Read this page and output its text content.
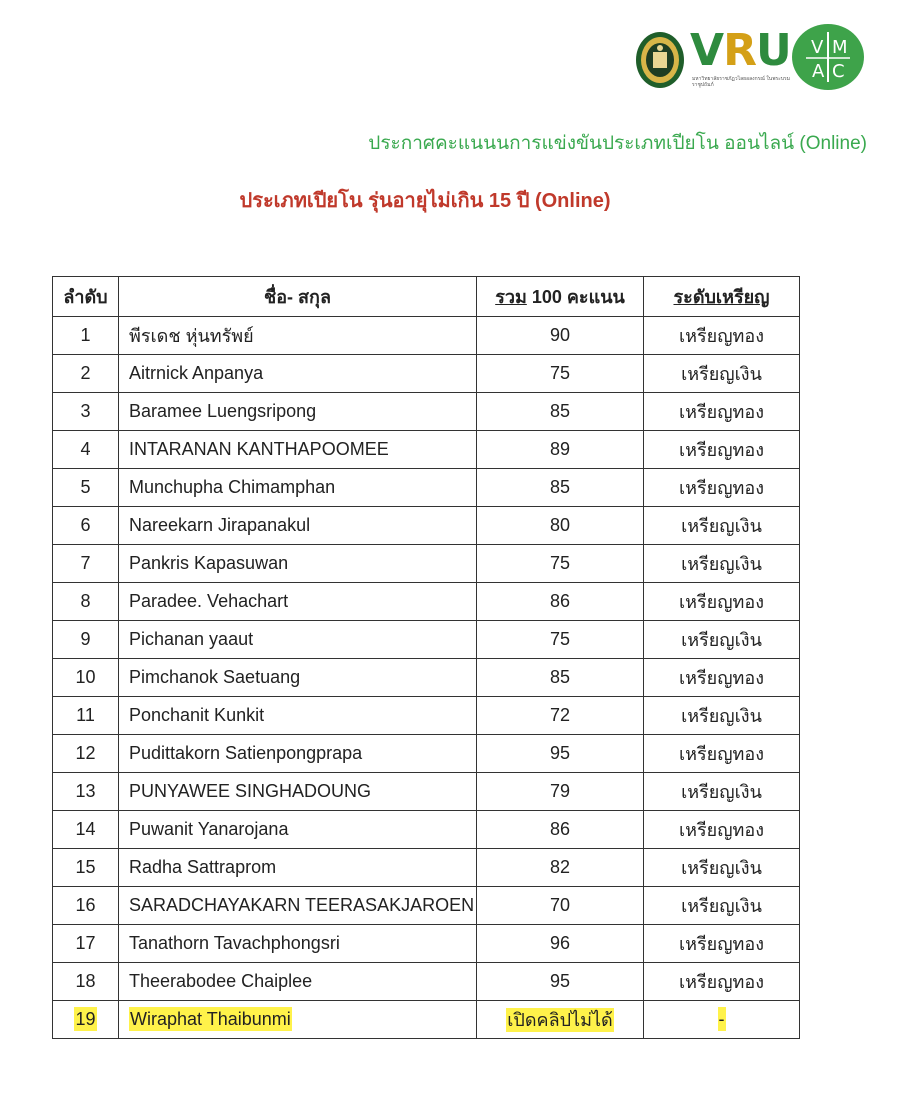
VRU
มหาวิทยาลัยราชภัฏวไลยอลงกรณ์ ในพระบรมราชูปถัมภ์
V M
A C
ประกาศคะแนนนการแข่งขันประเภทเปียโน ออนไลน์ (Online)
ประเภทเปียโน รุ่นอายุไม่เกิน 15 ปี (Online)
ลำดับ	ชื่อ- สกุล	รวม 100 คะแนน	ระดับเหรียญ
1	พีรเดช หุ่นทรัพย์	90	เหรียญทอง
2	Aitrnick Anpanya	75	เหรียญเงิน
3	Baramee Luengsripong	85	เหรียญทอง
4	INTARANAN KANTHAPOOMEE	89	เหรียญทอง
5	Munchupha Chimamphan	85	เหรียญทอง
6	Nareekarn Jirapanakul	80	เหรียญเงิน
7	Pankris Kapasuwan	75	เหรียญเงิน
8	Paradee. Vehachart	86	เหรียญทอง
9	Pichanan yaaut	75	เหรียญเงิน
10	Pimchanok Saetuang	85	เหรียญทอง
11	Ponchanit Kunkit	72	เหรียญเงิน
12	Pudittakorn Satienpongprapa	95	เหรียญทอง
13	PUNYAWEE SINGHADOUNG	79	เหรียญเงิน
14	Puwanit Yanarojana	86	เหรียญทอง
15	Radha Sattraprom	82	เหรียญเงิน
16	SARADCHAYAKARN TEERASAKJAROEN	70	เหรียญเงิน
17	Tanathorn Tavachphongsri	96	เหรียญทอง
18	Theerabodee Chaiplee	95	เหรียญทอง
19	Wiraphat Thaibunmi	เปิดคลิปไม่ได้	-
